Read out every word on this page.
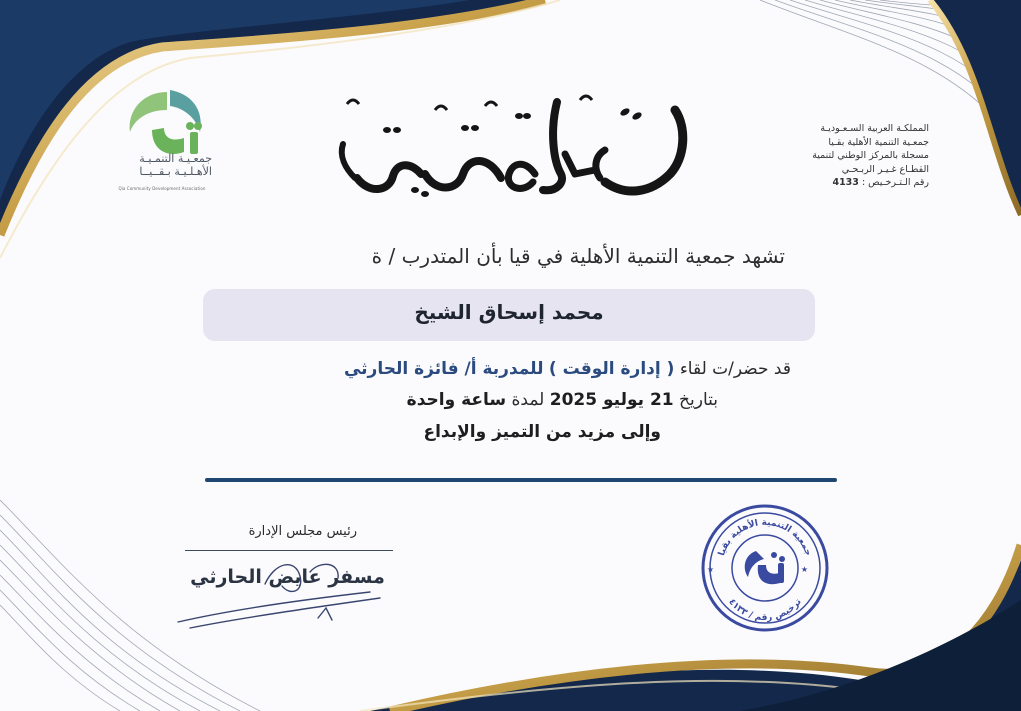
جمعـيـة التنمـيـة
الأهـلـيـة بـقــيــا
Qia Community Development Association
المملكـة العربية السـعـوديـة
جمعـية التنمية الأهلية بقـيا
مسجلة بالمركز الوطني لتنمية
القطـاع غـيـر الربـحـي
رقم الـتـرخـيص : 4133
تشهد جمعية التنمية الأهلية في قيا بأن المتدرب / ة
محمد إسحاق الشيخ
قد حضر/ت لقاء ( إدارة الوقت ) للمدربة أ/ فائزة الحارثي
بتاريخ 21 يوليو 2025 لمدة ساعة واحدة
وإلى مزيد من التميز والإبداع
رئيس مجلس الإدارة
مسفر عايض الحارثي
جمعية التنمية الأهلية بقيا
ترخيص رقم / ٤١٣٣
★	★
